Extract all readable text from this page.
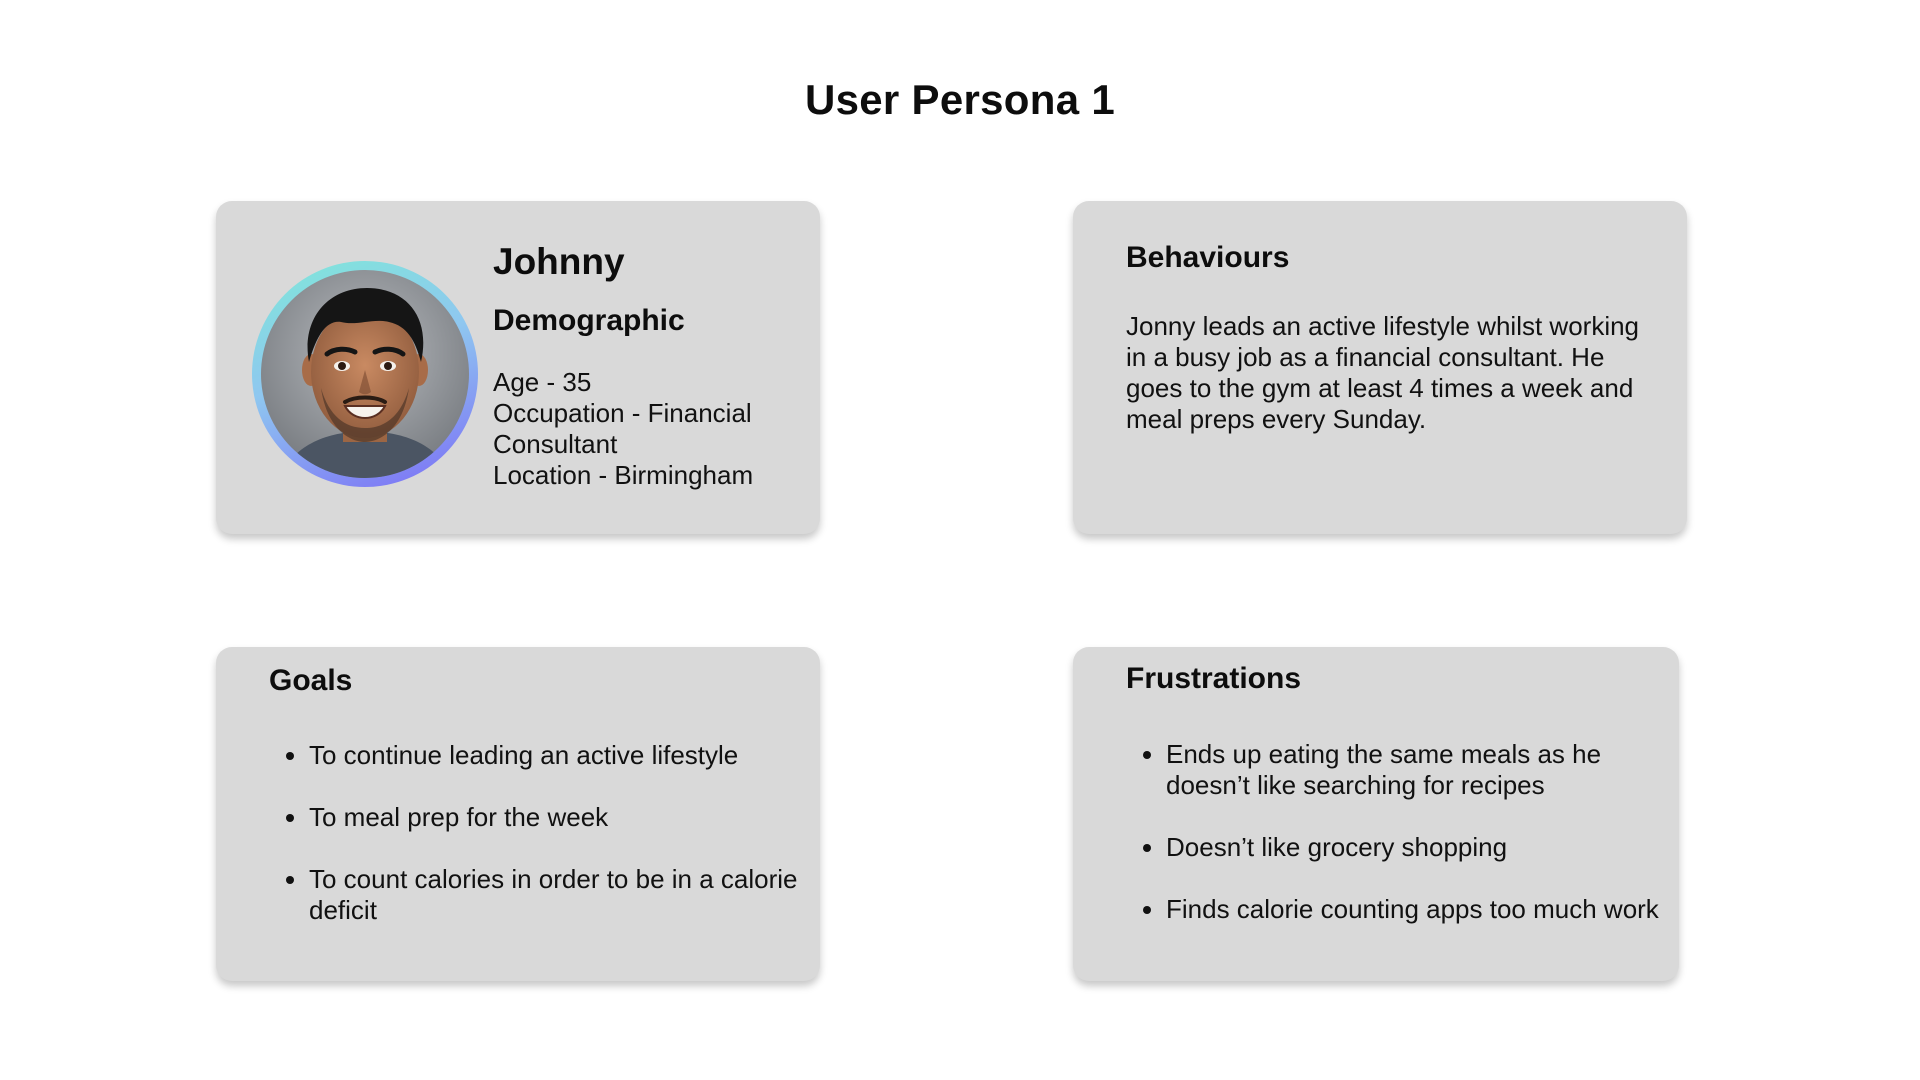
User Persona 1
Johnny
Demographic
Age - 35
Occupation - Financial
Consultant
Location - Birmingham
Behaviours
Jonny leads an active lifestyle whilst working in a busy job as a financial consultant. He goes to the gym at least 4 times a week and meal preps every Sunday.
Goals
• To continue leading an active lifestyle
• To meal prep for the week
• To count calories in order to be in a calorie deficit
Frustrations
• Ends up eating the same meals as he doesn’t like searching for recipes
• Doesn’t like grocery shopping
• Finds calorie counting apps too much work
